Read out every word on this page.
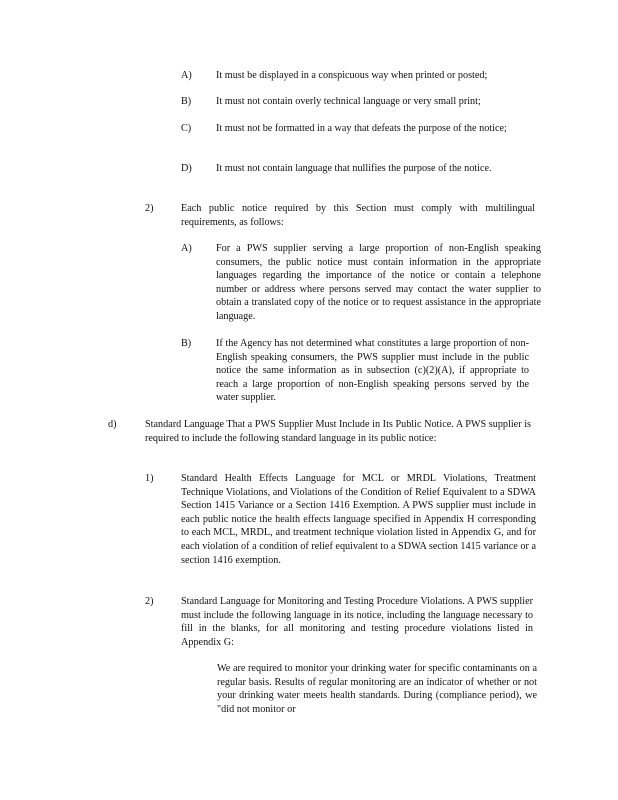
A) It must be displayed in a conspicuous way when printed or posted;
B) It must not contain overly technical language or very small print;
C) It must not be formatted in a way that defeats the purpose of the notice;
D) It must not contain language that nullifies the purpose of the notice.
2)	Each public notice required by this Section must comply with multilingual requirements, as follows:
A) For a PWS supplier serving a large proportion of non-English speaking consumers, the public notice must contain information in the appropriate languages regarding the importance of the notice or contain a telephone number or address where persons served may contact the water supplier to obtain a translated copy of the notice or to request assistance in the appropriate language.
B) If the Agency has not determined what constitutes a large proportion of non-English speaking consumers, the PWS supplier must include in the public notice the same information as in subsection (c)(2)(A), if appropriate to reach a large proportion of non-English speaking persons served by the water supplier.
d)	Standard Language That a PWS Supplier Must Include in Its Public Notice. A PWS supplier is required to include the following standard language in its public notice:
1)	Standard Health Effects Language for MCL or MRDL Violations, Treatment Technique Violations, and Violations of the Condition of Relief Equivalent to a SDWA Section 1415 Variance or a Section 1416 Exemption. A PWS supplier must include in each public notice the health effects language specified in Appendix H corresponding to each MCL, MRDL, and treatment technique violation listed in Appendix G, and for each violation of a condition of relief equivalent to a SDWA section 1415 variance or a section 1416 exemption.
2)	Standard Language for Monitoring and Testing Procedure Violations. A PWS supplier must include the following language in its notice, including the language necessary to fill in the blanks, for all monitoring and testing procedure violations listed in Appendix G:
We are required to monitor your drinking water for specific contaminants on a regular basis. Results of regular monitoring are an indicator of whether or not your drinking water meets health standards. During (compliance period), we "did not monitor or
